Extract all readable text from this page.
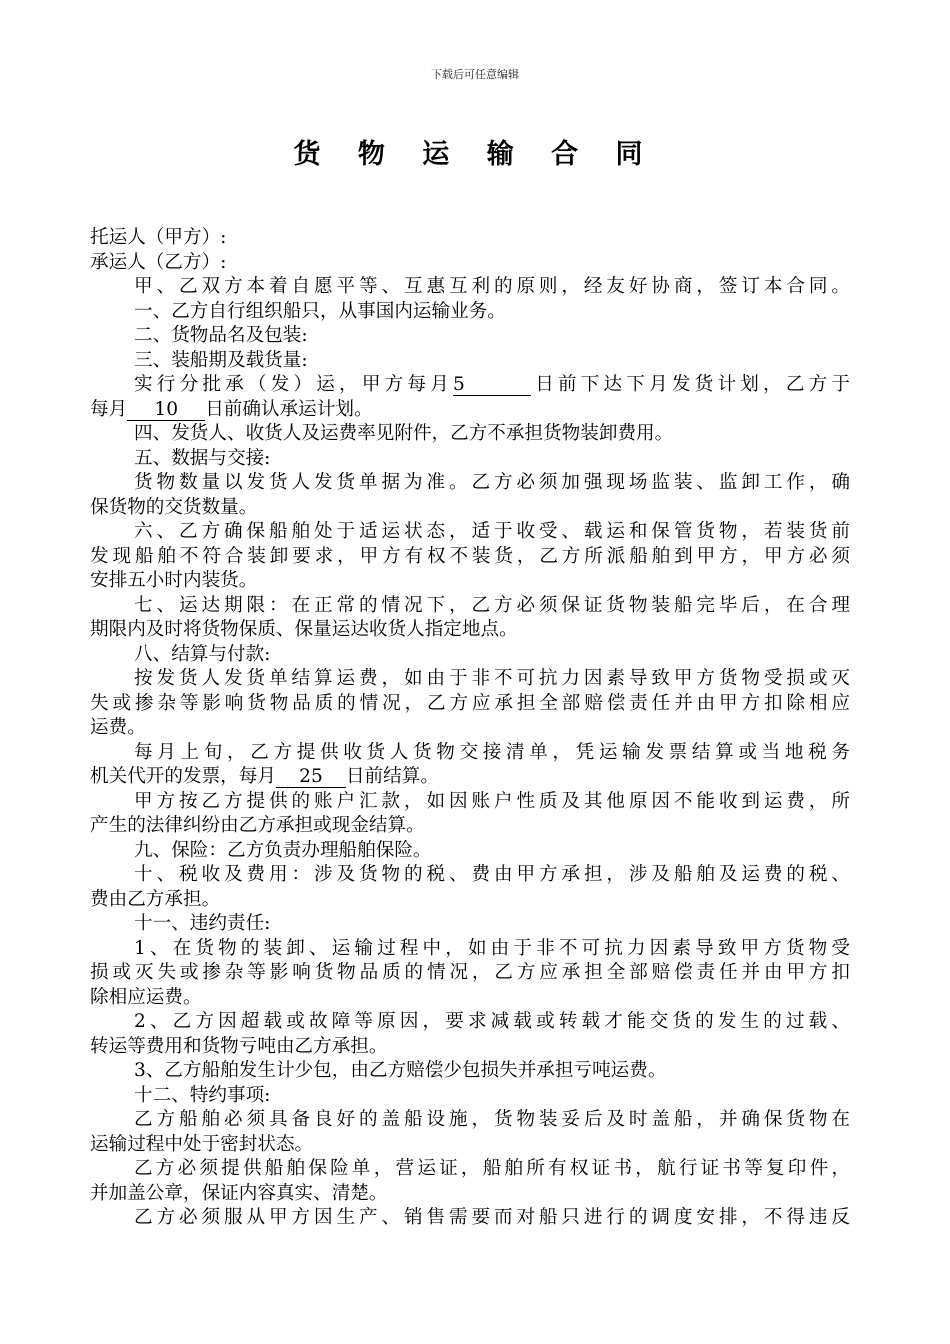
下载后可任意编辑
货 物 运 输 合 同
托运人（甲方）:
承运人（乙方）:
甲、乙双方本着自愿平等、互惠互利的原则，经友好协商，签订本合同。
一、乙方自行组织船只，从事国内运输业务。
二、货物品名及包装:
三、装船期及载货量:
实行分批承（发）运，甲方每月5	日前下达下月发货计划，乙方于
每月 10 日前确认承运计划。
四、发货人、收货人及运费率见附件，乙方不承担货物装卸费用。
五、数据与交接:
货物数量以发货人发货单据为准。乙方必须加强现场监装、监卸工作，确
保货物的交货数量。
六、乙方确保船舶处于适运状态，适于收受、载运和保管货物，若装货前
发现船舶不符合装卸要求，甲方有权不装货，乙方所派船舶到甲方，甲方必须
安排五小时内装货。
七、运达期限：在正常的情况下，乙方必须保证货物装船完毕后，在合理
期限内及时将货物保质、保量运达收货人指定地点。
八、结算与付款:
按发货人发货单结算运费，如由于非不可抗力因素导致甲方货物受损或灭
失或掺杂等影响货物品质的情况，乙方应承担全部赔偿责任并由甲方扣除相应
运费。
每月上旬，乙方提供收货人货物交接清单，凭运输发票结算或当地税务
机关代开的发票，每月 25 日前结算。
甲方按乙方提供的账户汇款，如因账户性质及其他原因不能收到运费，所
产生的法律纠纷由乙方承担或现金结算。
九、保险：乙方负责办理船舶保险。
十、税收及费用：涉及货物的税、费由甲方承担，涉及船舶及运费的税、
费由乙方承担。
十一、违约责任:
1、在货物的装卸、运输过程中，如由于非不可抗力因素导致甲方货物受
损或灭失或掺杂等影响货物品质的情况，乙方应承担全部赔偿责任并由甲方扣
除相应运费。
2、乙方因超载或故障等原因，要求减载或转载才能交货的发生的过载、
转运等费用和货物亏吨由乙方承担。
3、乙方船舶发生计少包，由乙方赔偿少包损失并承担亏吨运费。
十二、特约事项:
乙方船舶必须具备良好的盖船设施，货物装妥后及时盖船，并确保货物在
运输过程中处于密封状态。
乙方必须提供船舶保险单，营运证，船舶所有权证书，航行证书等复印件，
并加盖公章，保证内容真实、清楚。
乙方必须服从甲方因生产、销售需要而对船只进行的调度安排，不得违反
